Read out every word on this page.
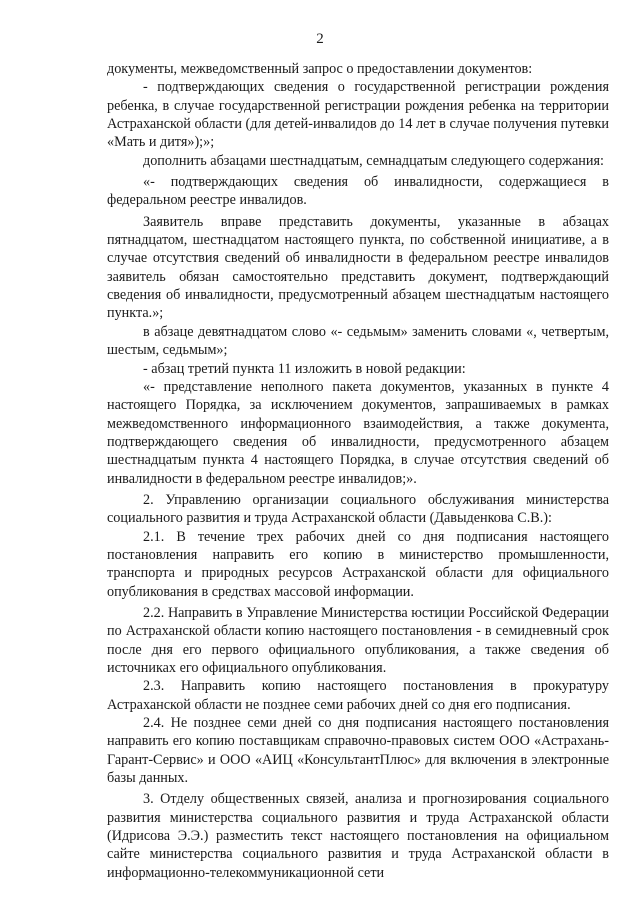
2

документы, межведомственный запрос о предоставлении документов:

- подтверждающих сведения о государственной регистрации рождения ребенка, в случае государственной регистрации рождения ребенка на территории Астраханской области (для детей-инвалидов до 14 лет в случае получения путевки «Мать и дитя»);»;

дополнить абзацами шестнадцатым, семнадцатым следующего содержания:

«- подтверждающих сведения об инвалидности, содержащиеся в федеральном реестре инвалидов.

Заявитель вправе представить документы, указанные в абзацах пятнадцатом, шестнадцатом настоящего пункта, по собственной инициативе, а в случае отсутствия сведений об инвалидности в федеральном реестре инвалидов заявитель обязан самостоятельно представить документ, подтверждающий сведения об инвалидности, предусмотренный абзацем шестнадцатым настоящего пункта.»;

в абзаце девятнадцатом слово «- седьмым» заменить словами «, четвертым, шестым, седьмым»;

- абзац третий пункта 11 изложить в новой редакции:

«- представление неполного пакета документов, указанных в пункте 4 настоящего Порядка, за исключением документов, запрашиваемых в рамках межведомственного информационного взаимодействия, а также документа, подтверждающего сведения об инвалидности, предусмотренного абзацем шестнадцатым пункта 4 настоящего Порядка, в случае отсутствия сведений об инвалидности в федеральном реестре инвалидов;».

2. Управлению организации социального обслуживания министерства социального развития и труда Астраханской области (Давыденкова С.В.):

2.1. В течение трех рабочих дней со дня подписания настоящего постановления направить его копию в министерство промышленности, транспорта и природных ресурсов Астраханской области для официального опубликования в средствах массовой информации.

2.2. Направить в Управление Министерства юстиции Российской Федерации по Астраханской области копию настоящего постановления - в семидневный срок после дня его первого официального опубликования, а также сведения об источниках его официального опубликования.

2.3. Направить копию настоящего постановления в прокуратуру Астраханской области не позднее семи рабочих дней со дня его подписания.

2.4. Не позднее семи дней со дня подписания настоящего постановления направить его копию поставщикам справочно-правовых систем ООО «Астрахань-Гарант-Сервис» и ООО «АИЦ «КонсультантПлюс» для включения в электронные базы данных.

3. Отделу общественных связей, анализа и прогнозирования социального развития министерства социального развития и труда Астраханской области (Идрисова Э.Э.) разместить текст настоящего постановления на официальном сайте министерства социального развития и труда Астраханской области в информационно-телекоммуникационной сети
